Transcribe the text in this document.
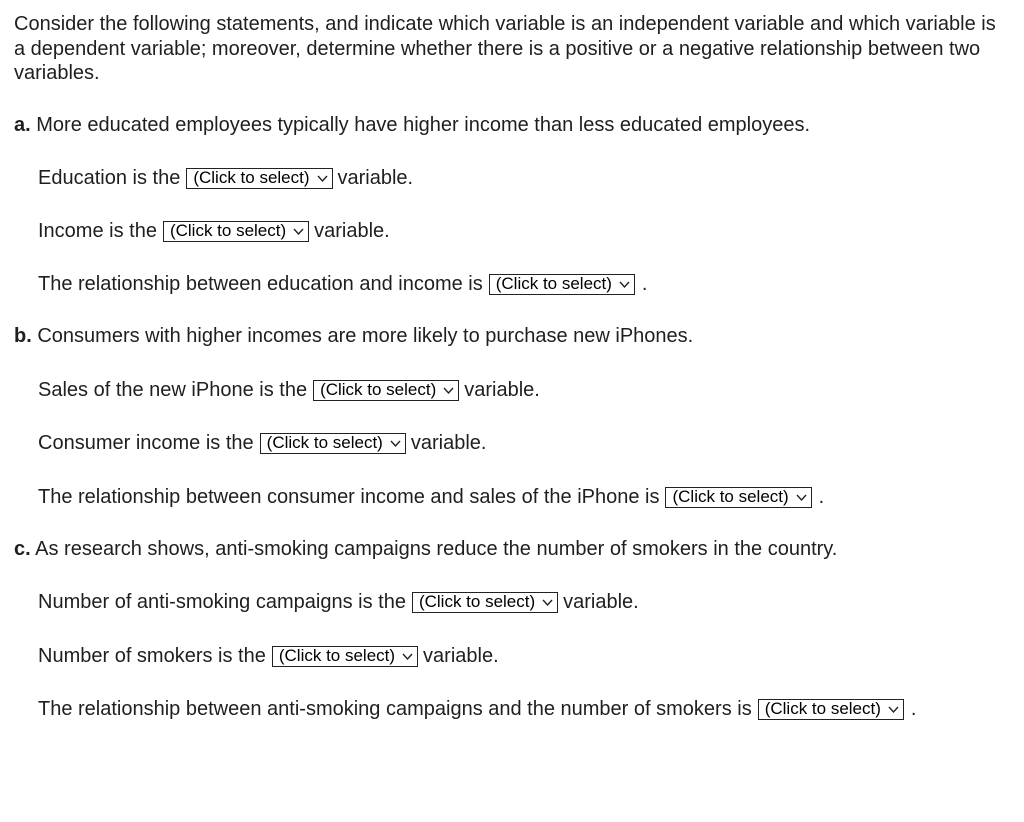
Consider the following statements, and indicate which variable is an independent variable and which variable is a dependent variable; moreover, determine whether there is a positive or a negative relationship between two variables.

a. More educated employees typically have higher income than less educated employees.

Education is the (Click to select) variable.
Income is the (Click to select) variable.
The relationship between education and income is (Click to select) .

b. Consumers with higher incomes are more likely to purchase new iPhones.

Sales of the new iPhone is the (Click to select) variable.
Consumer income is the (Click to select) variable.
The relationship between consumer income and sales of the iPhone is (Click to select) .

c. As research shows, anti-smoking campaigns reduce the number of smokers in the country.

Number of anti-smoking campaigns is the (Click to select) variable.
Number of smokers is the (Click to select) variable.
The relationship between anti-smoking campaigns and the number of smokers is (Click to select) .
